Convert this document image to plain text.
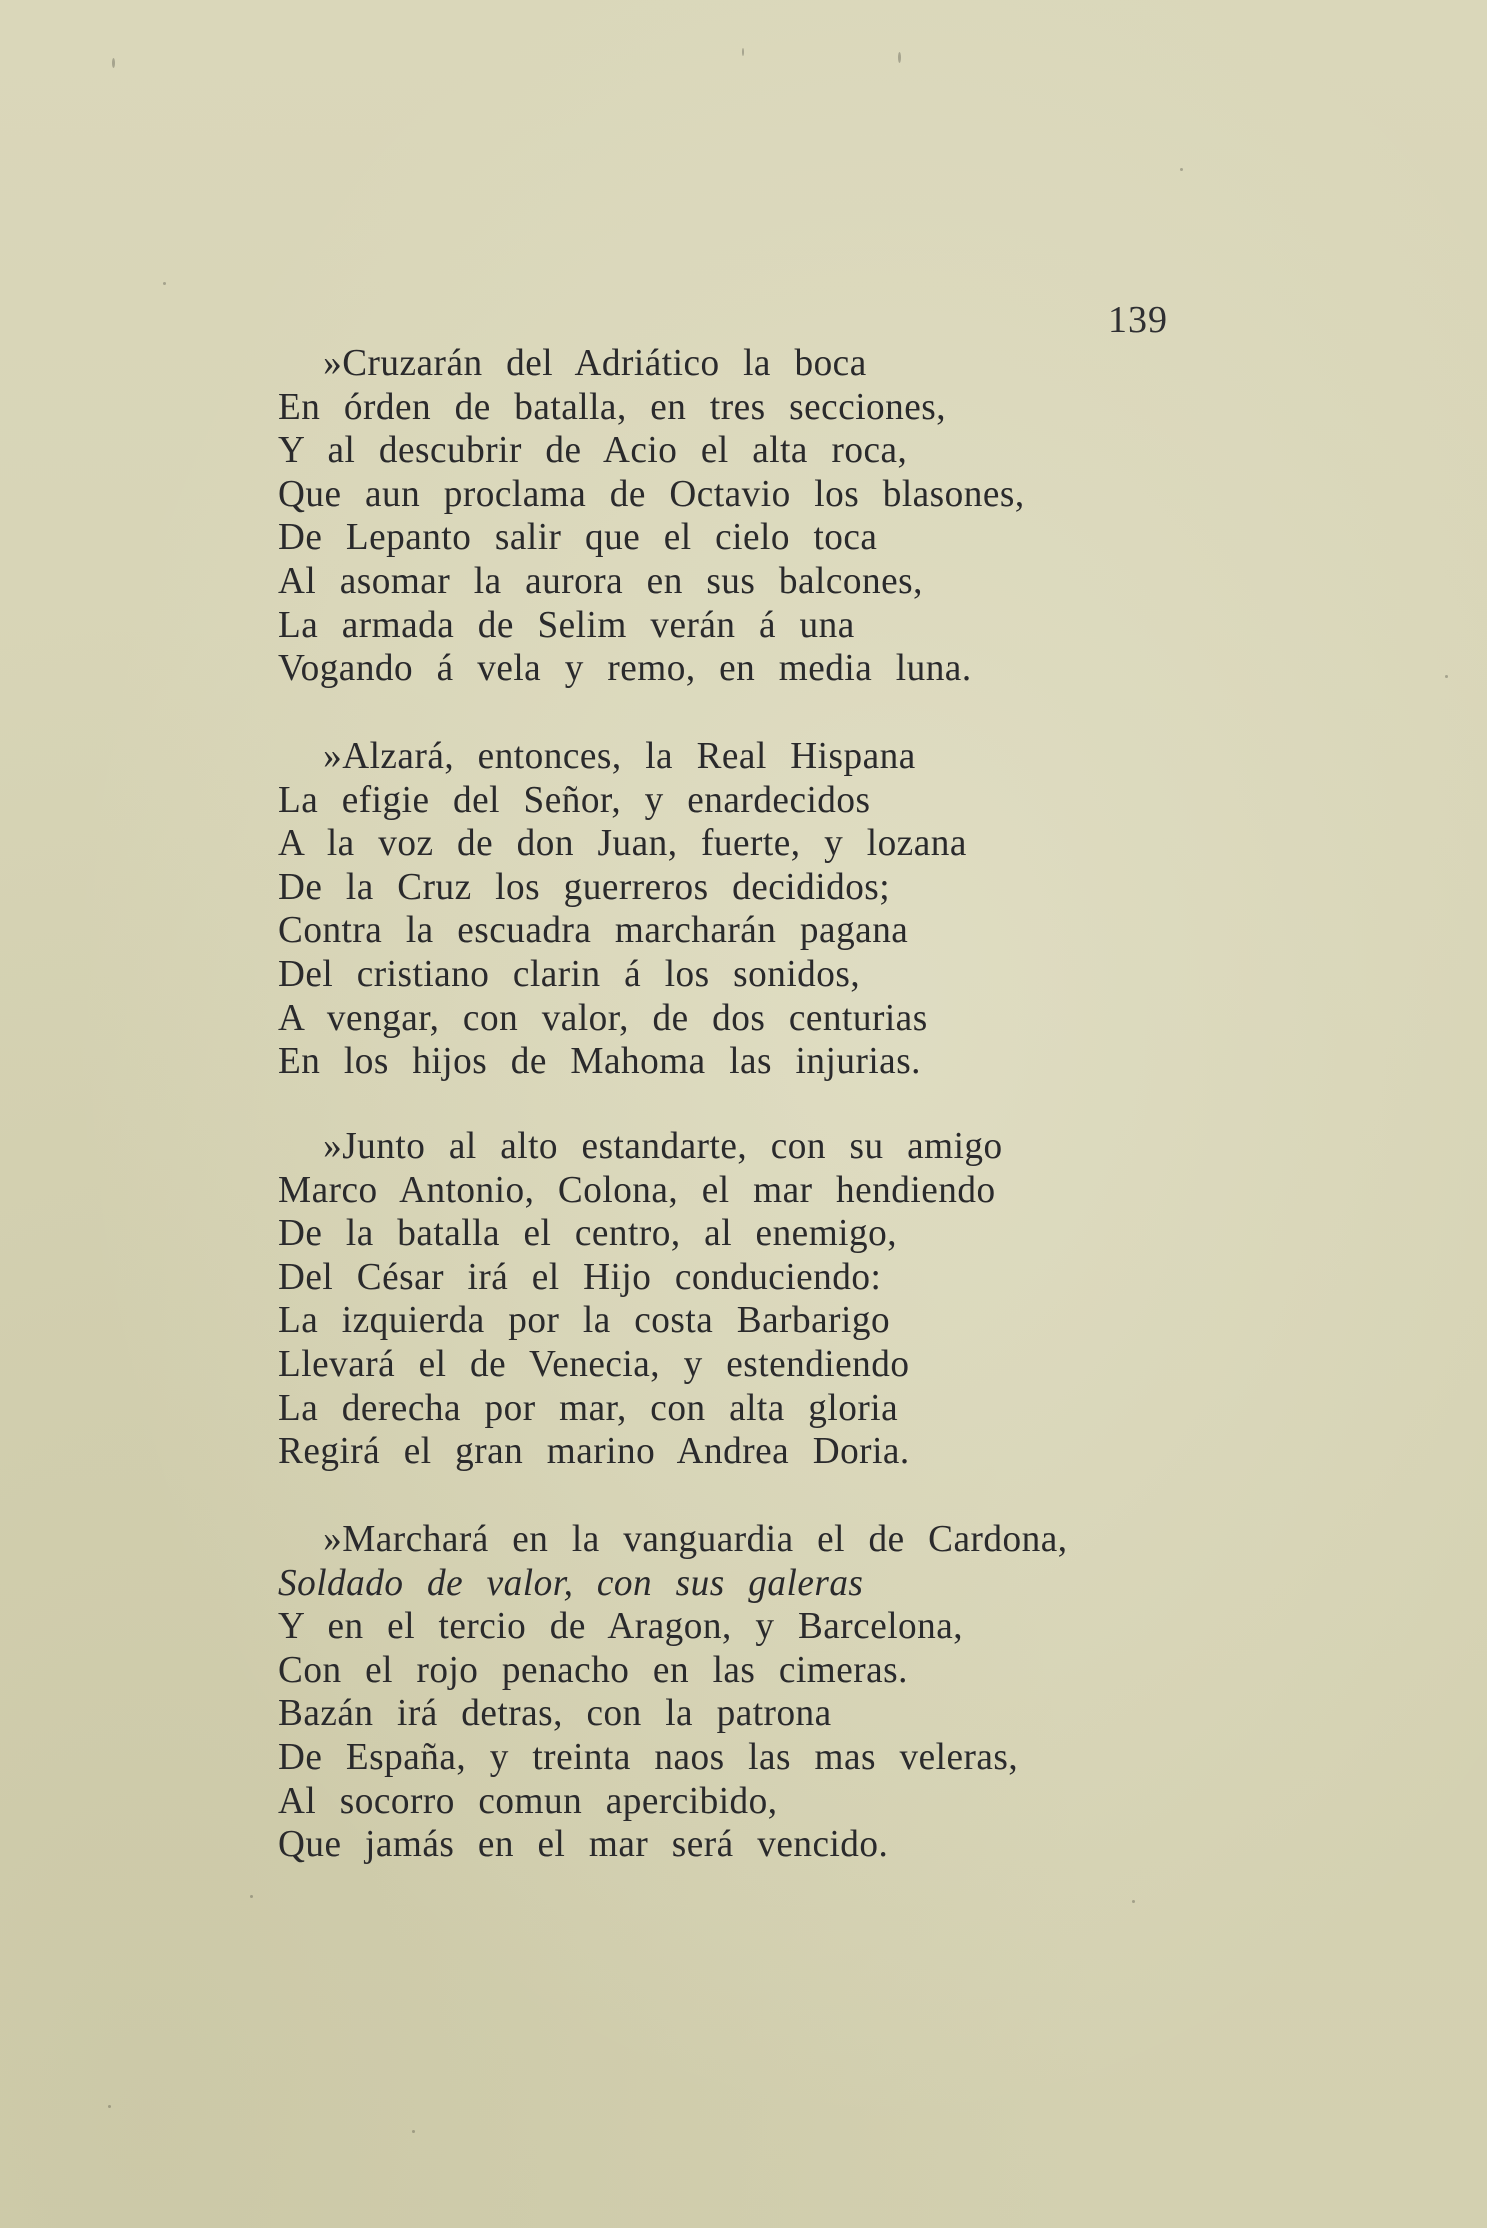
139
»Cruzarán del Adriático la boca
En órden de batalla, en tres secciones,
Y al descubrir de Acio el alta roca,
Que aun proclama de Octavio los blasones,
De Lepanto salir que el cielo toca
Al asomar la aurora en sus balcones,
La armada de Selim verán á una
Vogando á vela y remo, en media luna.
»Alzará, entonces, la Real Hispana
La efigie del Señor, y enardecidos
A la voz de don Juan, fuerte, y lozana
De la Cruz los guerreros decididos;
Contra la escuadra marcharán pagana
Del cristiano clarin á los sonidos,
A vengar, con valor, de dos centurias
En los hijos de Mahoma las injurias.
»Junto al alto estandarte, con su amigo
Marco Antonio, Colona, el mar hendiendo
De la batalla el centro, al enemigo,
Del César irá el Hijo conduciendo:
La izquierda por la costa Barbarigo
Llevará el de Venecia, y estendiendo
La derecha por mar, con alta gloria
Regirá el gran marino Andrea Doria.
»Marchará en la vanguardia el de Cardona,
Soldado de valor, con sus galeras
Y en el tercio de Aragon, y Barcelona,
Con el rojo penacho en las cimeras.
Bazán irá detras, con la patrona
De España, y treinta naos las mas veleras,
Al socorro comun apercibido,
Que jamás en el mar será vencido.
